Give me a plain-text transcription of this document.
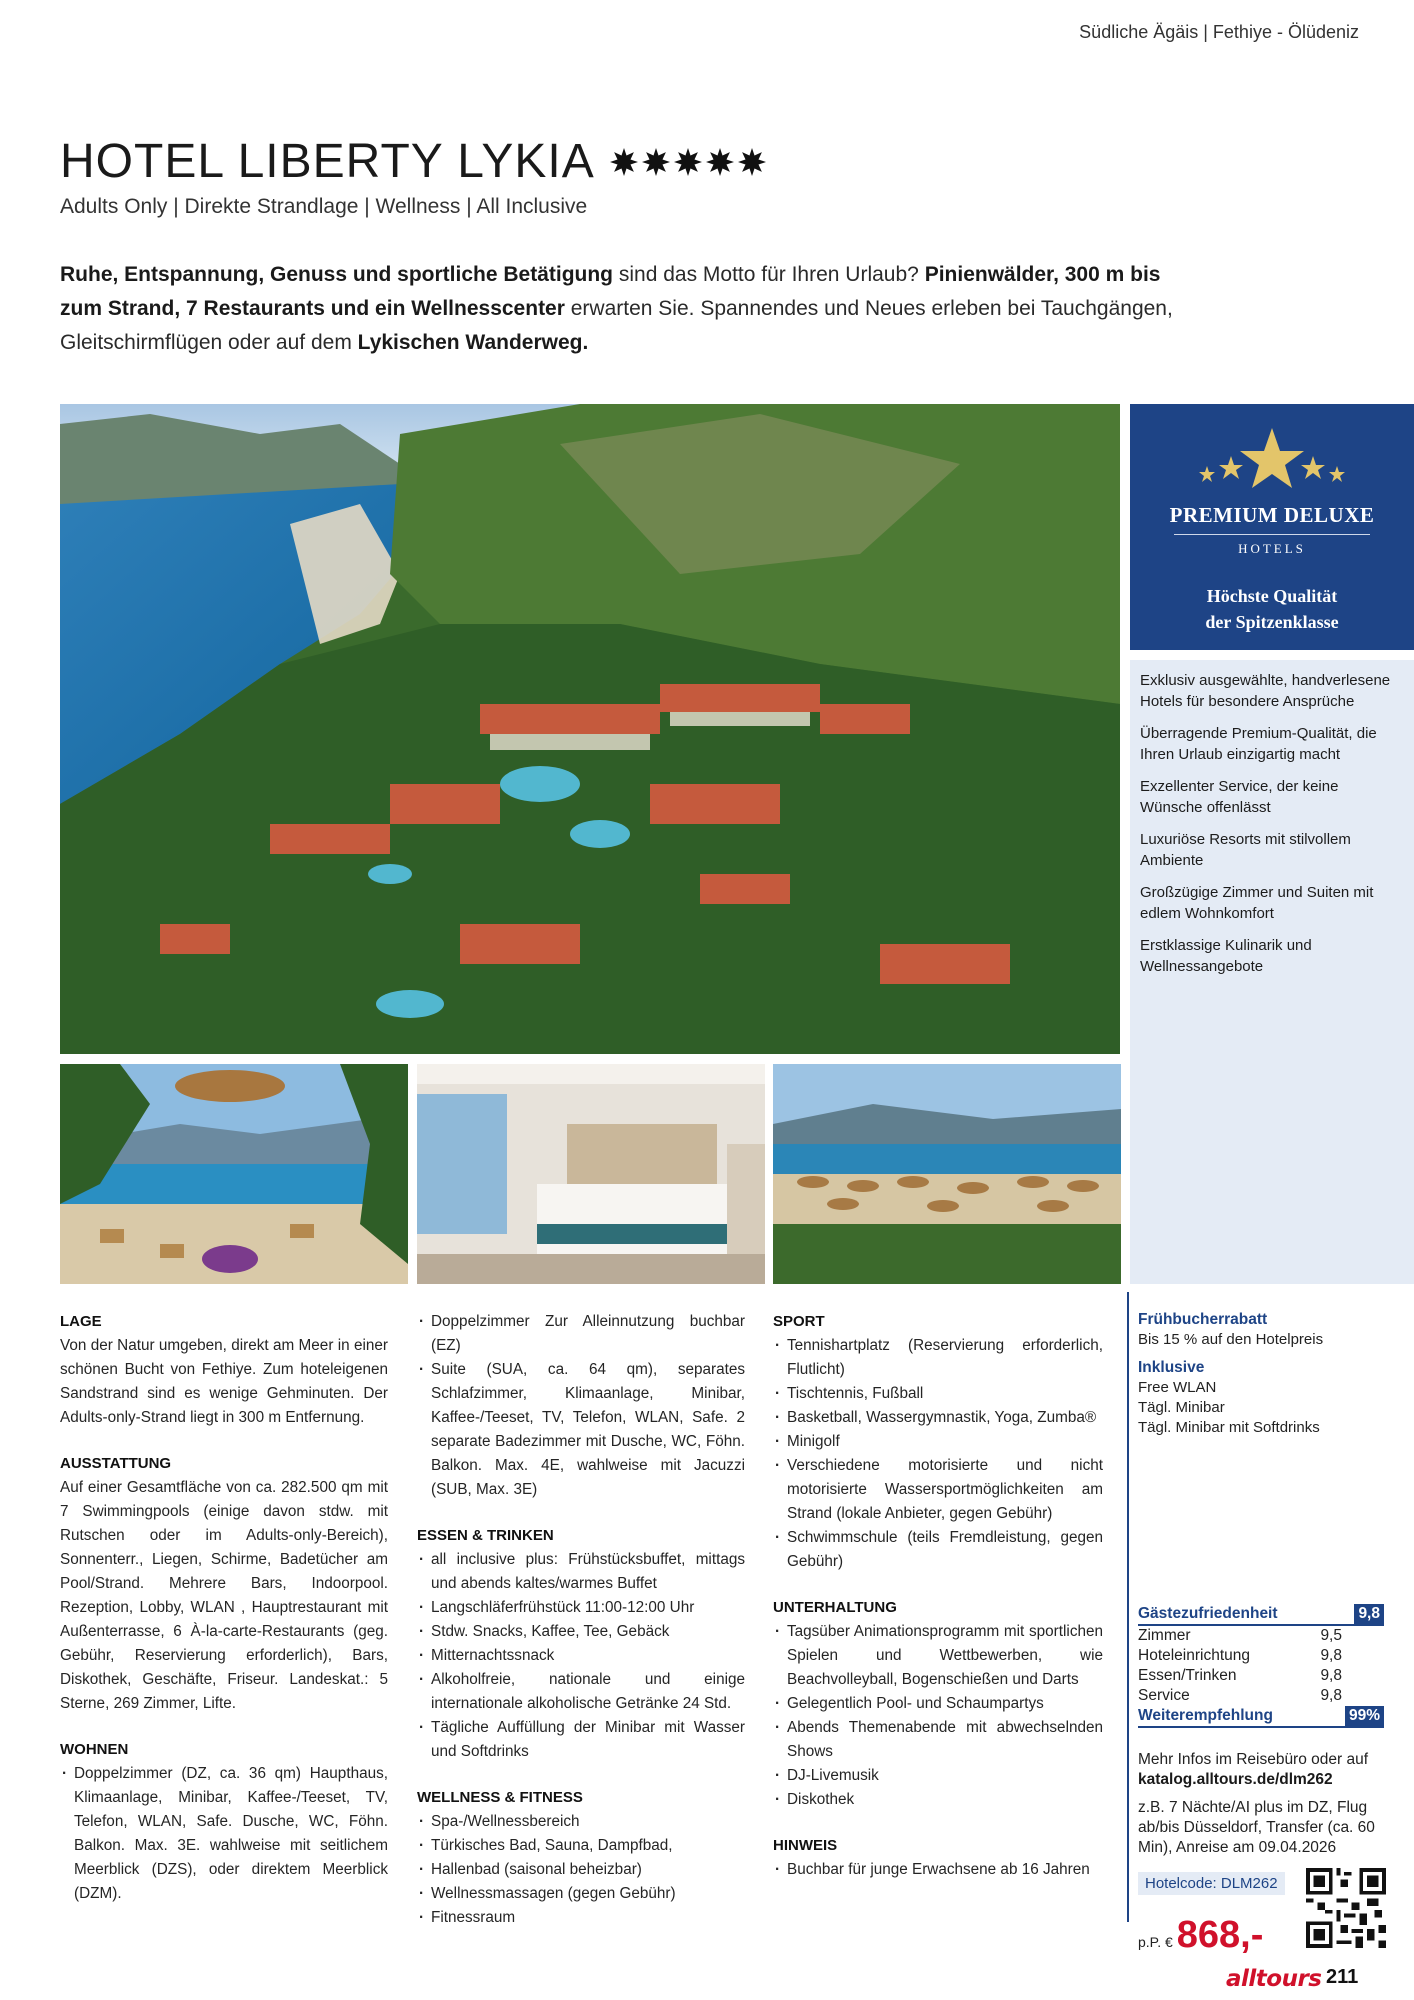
Südliche Ägäis | Fethiye - Ölüdeniz
HOTEL LIBERTY LYKIA
Adults Only | Direkte Strandlage | Wellness | All Inclusive
Ruhe, Entspannung, Genuss und sportliche Betätigung sind das Motto für Ihren Urlaub? Pinienwälder, 300 m bis zum Strand, 7 Restaurants und ein Wellnesscenter erwarten Sie. Spannendes und Neues erleben bei Tauchgängen, Gleitschirmflügen oder auf dem Lykischen Wanderweg.
PREMIUM DELUXE
HOTELS
Höchste Qualität
der Spitzenklasse
Exklusiv ausgewählte, handverlesene Hotels für besondere Ansprüche
Überragende Premium-Qualität, die Ihren Urlaub einzigartig macht
Exzellenter Service, der keine Wünsche offenlässt
Luxuriöse Resorts mit stilvollem Ambiente
Großzügige Zimmer und Suiten mit edlem Wohnkomfort
Erstklassige Kulinarik und Wellnessangebote
LAGE

Von der Natur umgeben, direkt am Meer in einer schönen Bucht von Fethiye. Zum hoteleigenen Sandstrand sind es wenige Gehminuten. Der Adults-only-Strand liegt in 300 m Entfernung.

AUSSTATTUNG

Auf einer Gesamtfläche von ca. 282.500 qm mit 7 Swimmingpools (einige davon stdw. mit Rutschen oder im Adults-only-Bereich), Sonnenterr., Liegen, Schirme, Badetücher am Pool/Strand. Mehrere Bars, Indoorpool. Rezeption, Lobby, WLAN , Hauptrestaurant mit Außenterrasse, 6 À-la-carte-Restaurants (geg. Gebühr, Reservierung erforderlich), Bars, Diskothek, Geschäfte, Friseur. Landeskat.: 5 Sterne, 269 Zimmer, Lifte.

WOHNEN
· Doppelzimmer (DZ, ca. 36 qm) Haupthaus, Klimaanlage, Minibar, Kaffee-/Teeset, TV, Telefon, WLAN, Safe. Dusche, WC, Föhn. Balkon. Max. 3E. wahlweise mit seitlichem Meerblick (DZS), oder direktem Meerblick (DZM).
· Doppelzimmer Zur Alleinnutzung buchbar (EZ)
· Suite (SUA, ca. 64 qm), separates Schlafzimmer, Klimaanlage, Minibar, Kaffee-/Teeset, TV, Telefon, WLAN, Safe. 2 separate Badezimmer mit Dusche, WC, Föhn. Balkon. Max. 4E, wahlweise mit Jacuzzi (SUB, Max. 3E)
ESSEN & TRINKEN
· all inclusive plus: Frühstücksbuffet, mittags und abends kaltes/warmes Buffet
· Langschläferfrühstück 11:00-12:00 Uhr
· Stdw. Snacks, Kaffee, Tee, Gebäck
· Mitternachtssnack
· Alkoholfreie, nationale und einige internationale alkoholische Getränke 24 Std.
· Tägliche Auffüllung der Minibar mit Wasser und Softdrinks
WELLNESS & FITNESS
· Spa-/Wellnessbereich
· Türkisches Bad, Sauna, Dampfbad,
· Hallenbad (saisonal beheizbar)
· Wellnessmassagen (gegen Gebühr)
· Fitnessraum
SPORT
· Tennishartplatz (Reservierung erforderlich, Flutlicht)
· Tischtennis, Fußball
· Basketball, Wassergymnastik, Yoga, Zumba®
· Minigolf
· Verschiedene motorisierte und nicht motorisierte Wassersportmöglichkeiten am Strand (lokale Anbieter, gegen Gebühr)
· Schwimmschule (teils Fremdleistung, gegen Gebühr)
UNTERHALTUNG
· Tagsüber Animationsprogramm mit sportlichen Spielen und Wettbewerben, wie Beachvolleyball, Bogenschießen und Darts
· Gelegentlich Pool- und Schaumpartys
· Abends Themenabende mit abwechselnden Shows
· DJ-Livemusik
· Diskothek
HINWEIS
· Buchbar für junge Erwachsene ab 16 Jahren
Frühbucherrabatt
Bis 15 % auf den Hotelpreis
Inklusive
Free WLAN
Tägl. Minibar
Tägl. Minibar mit Softdrinks
Gästezufriedenheit	9,8
Zimmer	9,5
Hoteleinrichtung	9,8
Essen/Trinken	9,8
Service	9,8
Weiterempfehlung	99%
Mehr Infos im Reisebüro oder auf
katalog.alltours.de/dlm262
z.B. 7 Nächte/AI plus im DZ, Flug ab/bis Düsseldorf, Transfer (ca. 60 Min), Anreise am 09.04.2026
Hotelcode: DLM262
p.P. € 868,-
alltours 211
